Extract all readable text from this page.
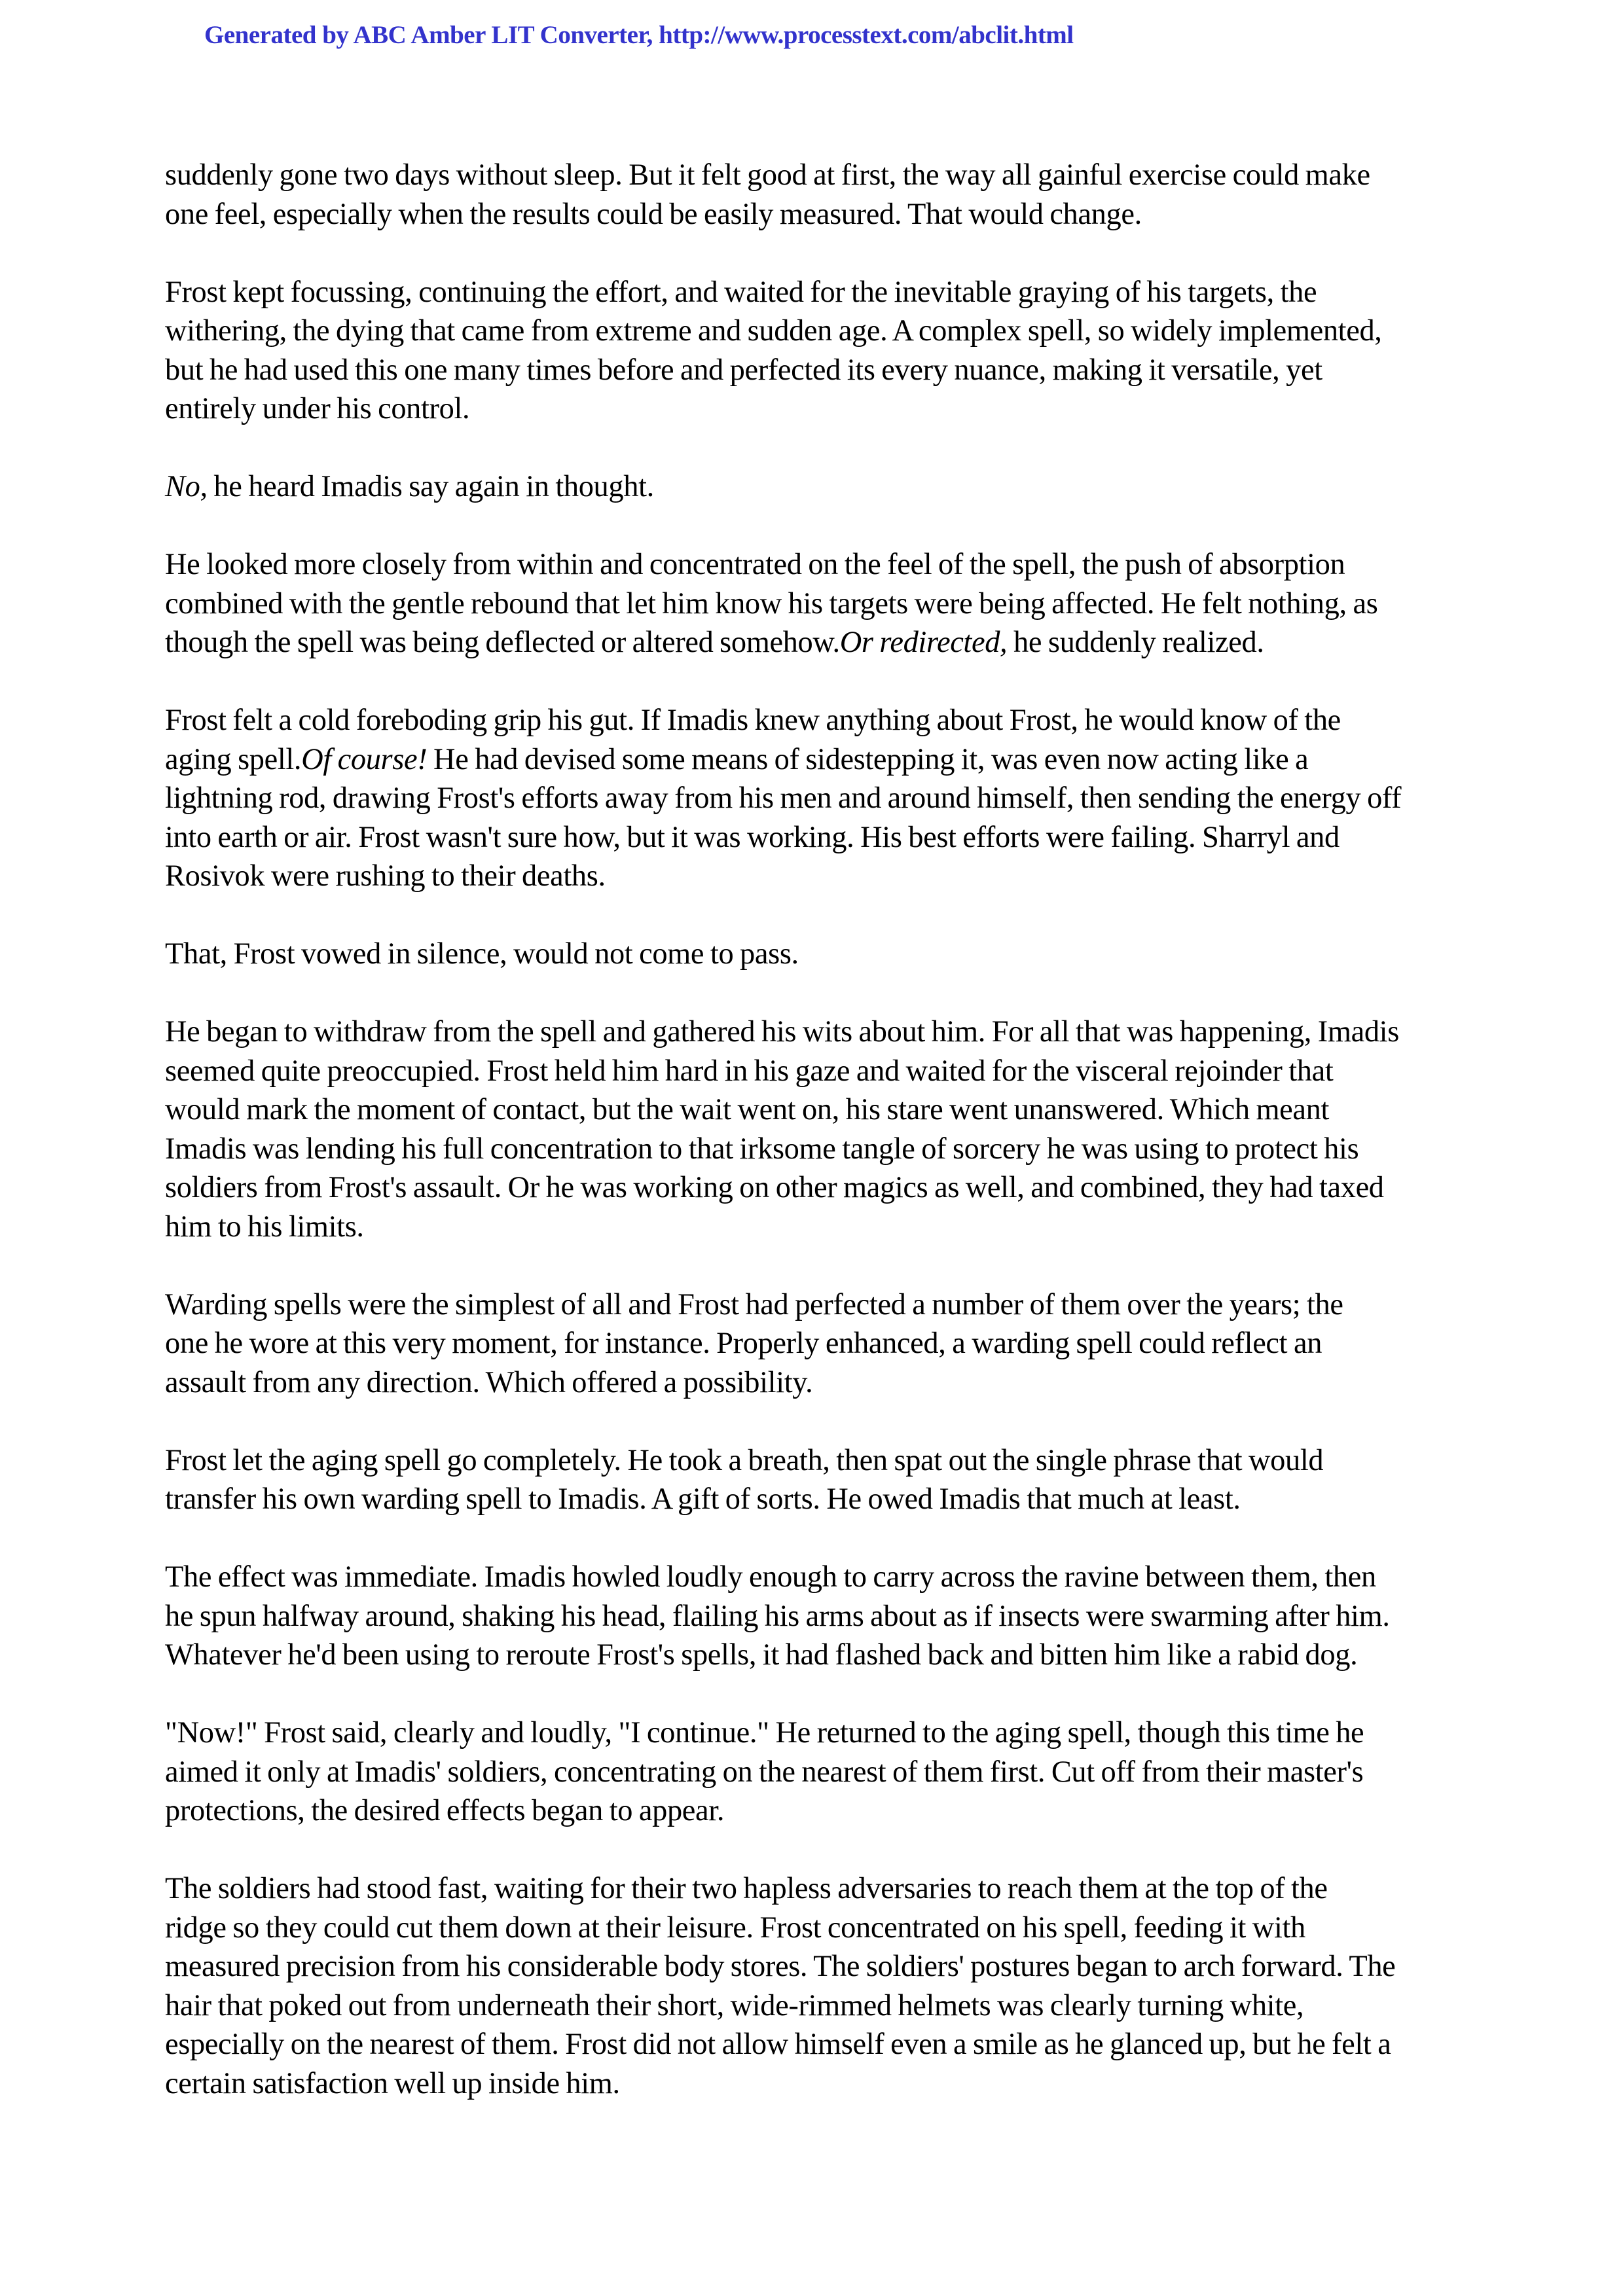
Generated by ABC Amber LIT Converter, http://www.processtext.com/abclit.html

suddenly gone two days without sleep. But it felt good at first, the way all gainful exercise could make
one feel, especially when the results could be easily measured. That would change.

Frost kept focussing, continuing the effort, and waited for the inevitable graying of his targets, the
withering, the dying that came from extreme and sudden age. A complex spell, so widely implemented,
but he had used this one many times before and perfected its every nuance, making it versatile, yet
entirely under his control.

No, he heard Imadis say again in thought.

He looked more closely from within and concentrated on the feel of the spell, the push of absorption
combined with the gentle rebound that let him know his targets were being affected. He felt nothing, as
though the spell was being deflected or altered somehow.Or redirected, he suddenly realized.

Frost felt a cold foreboding grip his gut. If Imadis knew anything about Frost, he would know of the
aging spell.Of course! He had devised some means of sidestepping it, was even now acting like a
lightning rod, drawing Frost's efforts away from his men and around himself, then sending the energy off
into earth or air. Frost wasn't sure how, but it was working. His best efforts were failing. Sharryl and
Rosivok were rushing to their deaths.

That, Frost vowed in silence, would not come to pass.

He began to withdraw from the spell and gathered his wits about him. For all that was happening, Imadis
seemed quite preoccupied. Frost held him hard in his gaze and waited for the visceral rejoinder that
would mark the moment of contact, but the wait went on, his stare went unanswered. Which meant
Imadis was lending his full concentration to that irksome tangle of sorcery he was using to protect his
soldiers from Frost's assault. Or he was working on other magics as well, and combined, they had taxed
him to his limits.

Warding spells were the simplest of all and Frost had perfected a number of them over the years; the
one he wore at this very moment, for instance. Properly enhanced, a warding spell could reflect an
assault from any direction. Which offered a possibility.

Frost let the aging spell go completely. He took a breath, then spat out the single phrase that would
transfer his own warding spell to Imadis. A gift of sorts. He owed Imadis that much at least.

The effect was immediate. Imadis howled loudly enough to carry across the ravine between them, then
he spun halfway around, shaking his head, flailing his arms about as if insects were swarming after him.
Whatever he'd been using to reroute Frost's spells, it had flashed back and bitten him like a rabid dog.

"Now!" Frost said, clearly and loudly, "I continue." He returned to the aging spell, though this time he
aimed it only at Imadis' soldiers, concentrating on the nearest of them first. Cut off from their master's
protections, the desired effects began to appear.

The soldiers had stood fast, waiting for their two hapless adversaries to reach them at the top of the
ridge so they could cut them down at their leisure. Frost concentrated on his spell, feeding it with
measured precision from his considerable body stores. The soldiers' postures began to arch forward. The
hair that poked out from underneath their short, wide-rimmed helmets was clearly turning white,
especially on the nearest of them. Frost did not allow himself even a smile as he glanced up, but he felt a
certain satisfaction well up inside him.
